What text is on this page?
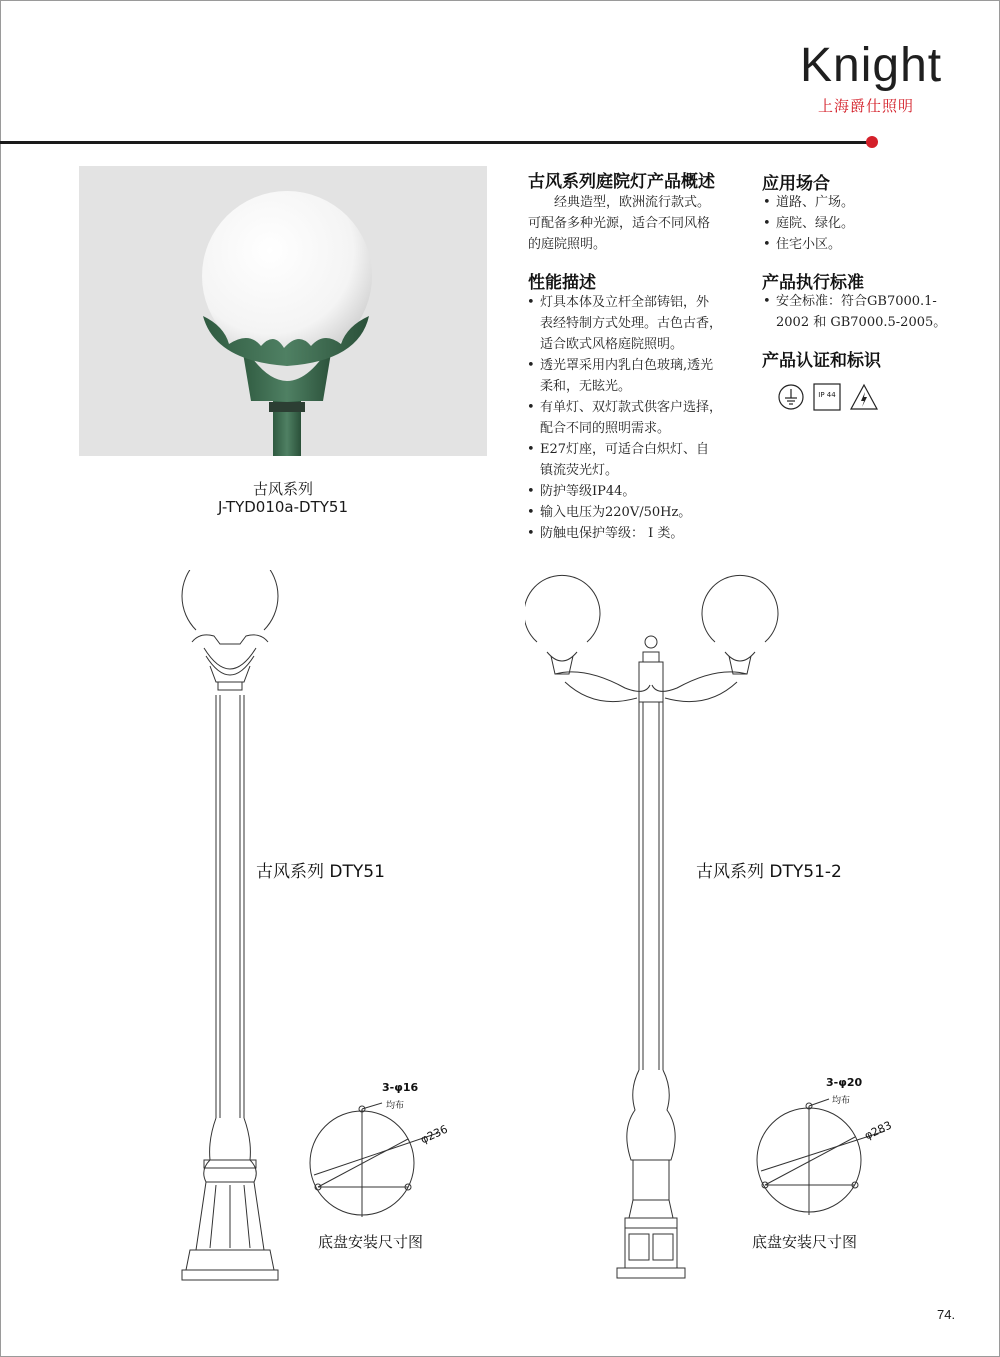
Knight
上海爵仕照明
古风系列
J-TYD010a-DTY51
古风系列庭院灯产品概述
经典造型，欧洲流行款式。
可配备多种光源，适合不同风格
的庭院照明。
性能描述
• 灯具本体及立杆全部铸铝，外
表经特制方式处理。古色古香，
适合欧式风格庭院照明。
• 透光罩采用内乳白色玻璃,透光
柔和，无眩光。
• 有单灯、双灯款式供客户选择，
配合不同的照明需求。
• E27灯座，可适合白炽灯、自
镇流荧光灯。
• 防护等级IP44。
• 输入电压为220V/50Hz。
• 防触电保护等级： I 类。
应用场合
• 道路、广场。
• 庭院、绿化。
• 住宅小区。
产品执行标准
• 安全标准：符合GB7000.1-
2002 和 GB7000.5-2005。
产品认证和标识
IP 44
古风系列 DTY51
3-φ16
均布
φ236
底盘安装尺寸图
古风系列 DTY51-2
3-φ20
均布
φ283
底盘安装尺寸图
74.
